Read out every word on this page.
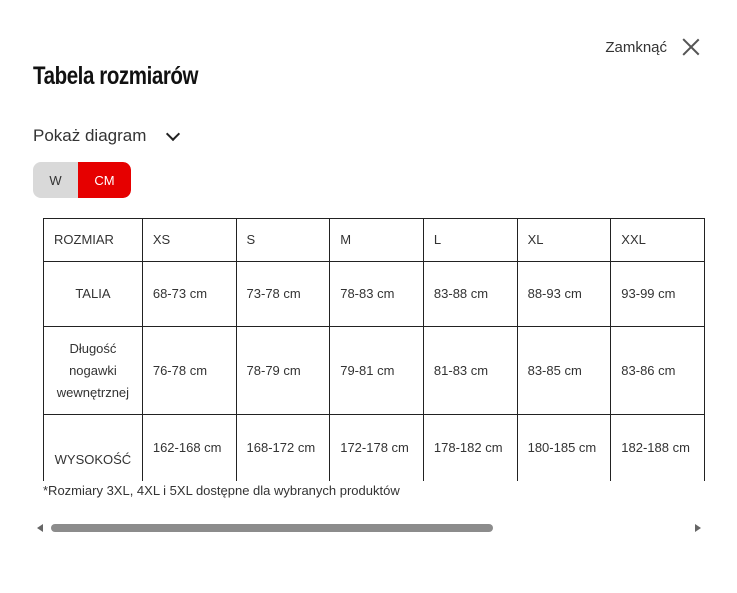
Zamknąć
Tabela rozmiarów
Pokaż diagram
W	CM
ROZMIAR	XS	S	M	L	XL	XXL
TALIA	68-73 cm	73-78 cm	78-83 cm	83-88 cm	88-93 cm	93-99 cm
Długość nogawki wewnętrznej	76-78 cm	78-79 cm	79-81 cm	81-83 cm	83-85 cm	83-86 cm
WYSOKOŚĆ	162-168 cm	168-172 cm	172-178 cm	178-182 cm	180-185 cm	182-188 cm
*Rozmiary 3XL, 4XL i 5XL dostępne dla wybranych produktów
